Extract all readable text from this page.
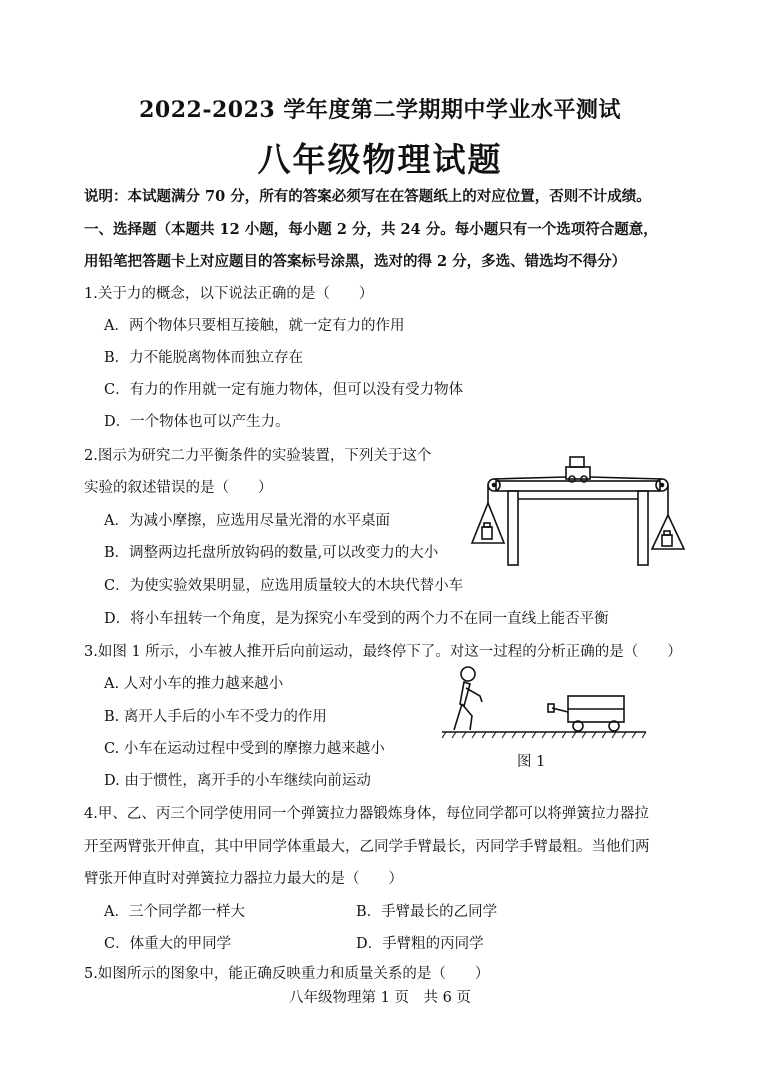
2022-2023 学年度第二学期期中学业水平测试
八年级物理试题
说明：本试题满分 70 分，所有的答案必须写在在答题纸上的对应位置，否则不计成绩。
一、选择题（本题共 12 小题，每小题 2 分，共 24 分。每小题只有一个选项符合题意，
用铅笔把答题卡上对应题目的答案标号涂黑，选对的得 2 分，多选、错选均不得分）
1.关于力的概念，以下说法正确的是（　　）
A．两个物体只要相互接触，就一定有力的作用
B．力不能脱离物体而独立存在
C．有力的作用就一定有施力物体，但可以没有受力物体
D．一个物体也可以产生力。
2.图示为研究二力平衡条件的实验装置，下列关于这个
实验的叙述错误的是（　　）
A．为减小摩擦，应选用尽量光滑的水平桌面
B．调整两边托盘所放钩码的数量,可以改变力的大小
C．为使实验效果明显，应选用质量较大的木块代替小车
D．将小车扭转一个角度，是为探究小车受到的两个力不在同一直线上能否平衡
3.如图 1 所示，小车被人推开后向前运动，最终停下了。对这一过程的分析正确的是（　　）
A. 人对小车的推力越来越小
B. 离开人手后的小车不受力的作用
C. 小车在运动过程中受到的摩擦力越来越小
D. 由于惯性，离开手的小车继续向前运动
图 1
4.甲、乙、丙三个同学使用同一个弹簧拉力器锻炼身体，每位同学都可以将弹簧拉力器拉
开至两臂张开伸直，其中甲同学体重最大，乙同学手臂最长，丙同学手臂最粗。当他们两
臂张开伸直时对弹簧拉力器拉力最大的是（　　）
A．三个同学都一样大	B．手臂最长的乙同学
C．体重大的甲同学	D．手臂粗的丙同学
5.如图所示的图象中，能正确反映重力和质量关系的是（　　）
八年级物理第 1 页　共 6 页
